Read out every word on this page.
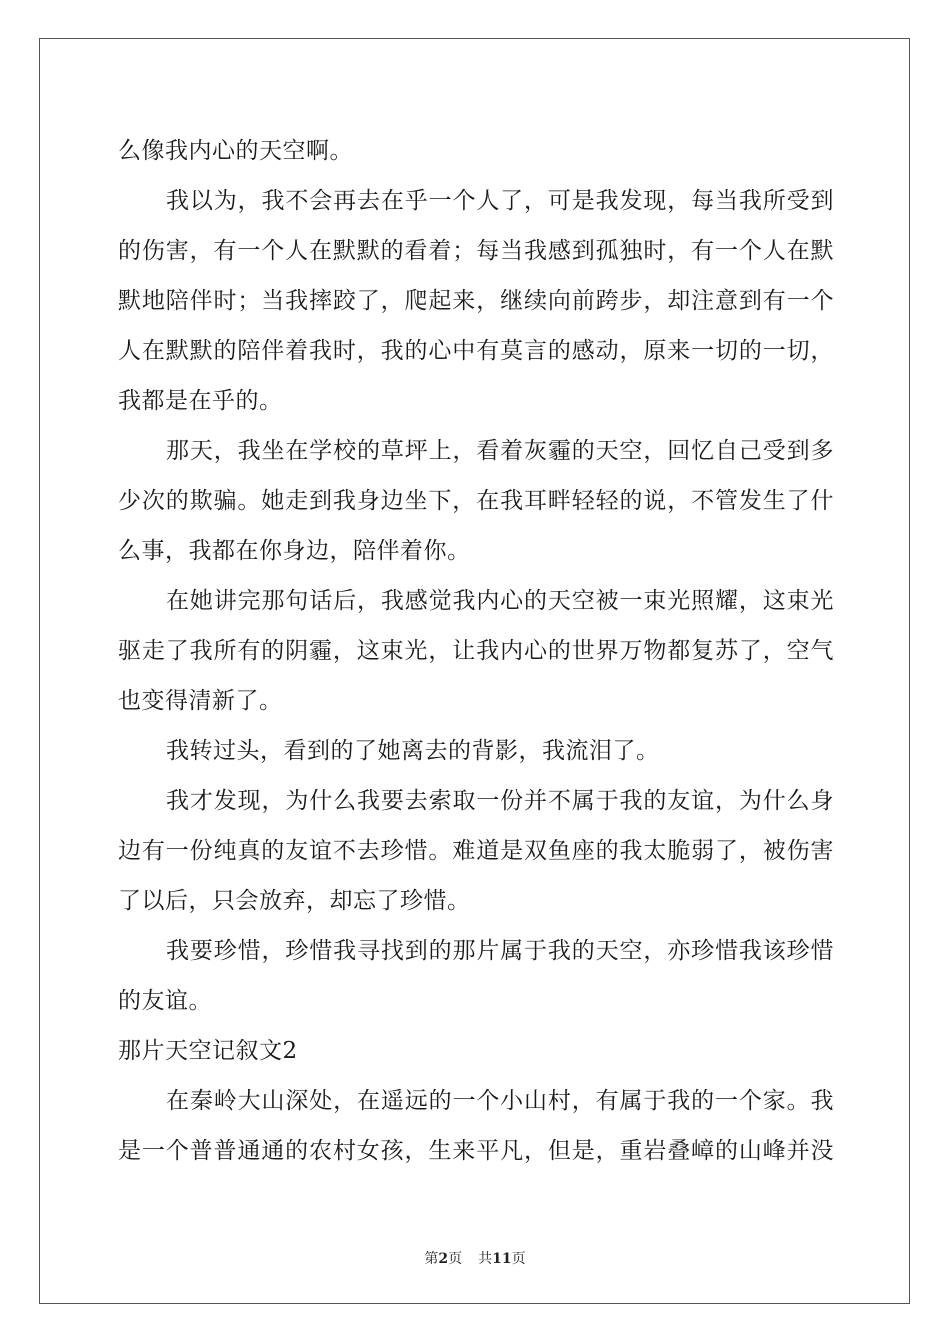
么像我内心的天空啊。
我以为，我不会再去在乎一个人了，可是我发现，每当我所受到
的伤害，有一个人在默默的看着；每当我感到孤独时，有一个人在默
默地陪伴时；当我摔跤了，爬起来，继续向前跨步，却注意到有一个
人在默默的陪伴着我时，我的心中有莫言的感动，原来一切的一切，
我都是在乎的。
那天，我坐在学校的草坪上，看着灰霾的天空，回忆自己受到多
少次的欺骗。她走到我身边坐下，在我耳畔轻轻的说，不管发生了什
么事，我都在你身边，陪伴着你。
在她讲完那句话后，我感觉我内心的天空被一束光照耀，这束光
驱走了我所有的阴霾，这束光，让我内心的世界万物都复苏了，空气
也变得清新了。
我转过头，看到的了她离去的背影，我流泪了。
我才发现，为什么我要去索取一份并不属于我的友谊，为什么身
边有一份纯真的友谊不去珍惜。难道是双鱼座的我太脆弱了，被伤害
了以后，只会放弃，却忘了珍惜。
我要珍惜，珍惜我寻找到的那片属于我的天空，亦珍惜我该珍惜
的友谊。
那片天空记叙文2
在秦岭大山深处，在遥远的一个小山村，有属于我的一个家。我
是一个普普通通的农村女孩，生来平凡，但是，重岩叠嶂的山峰并没
第2页 共11页
